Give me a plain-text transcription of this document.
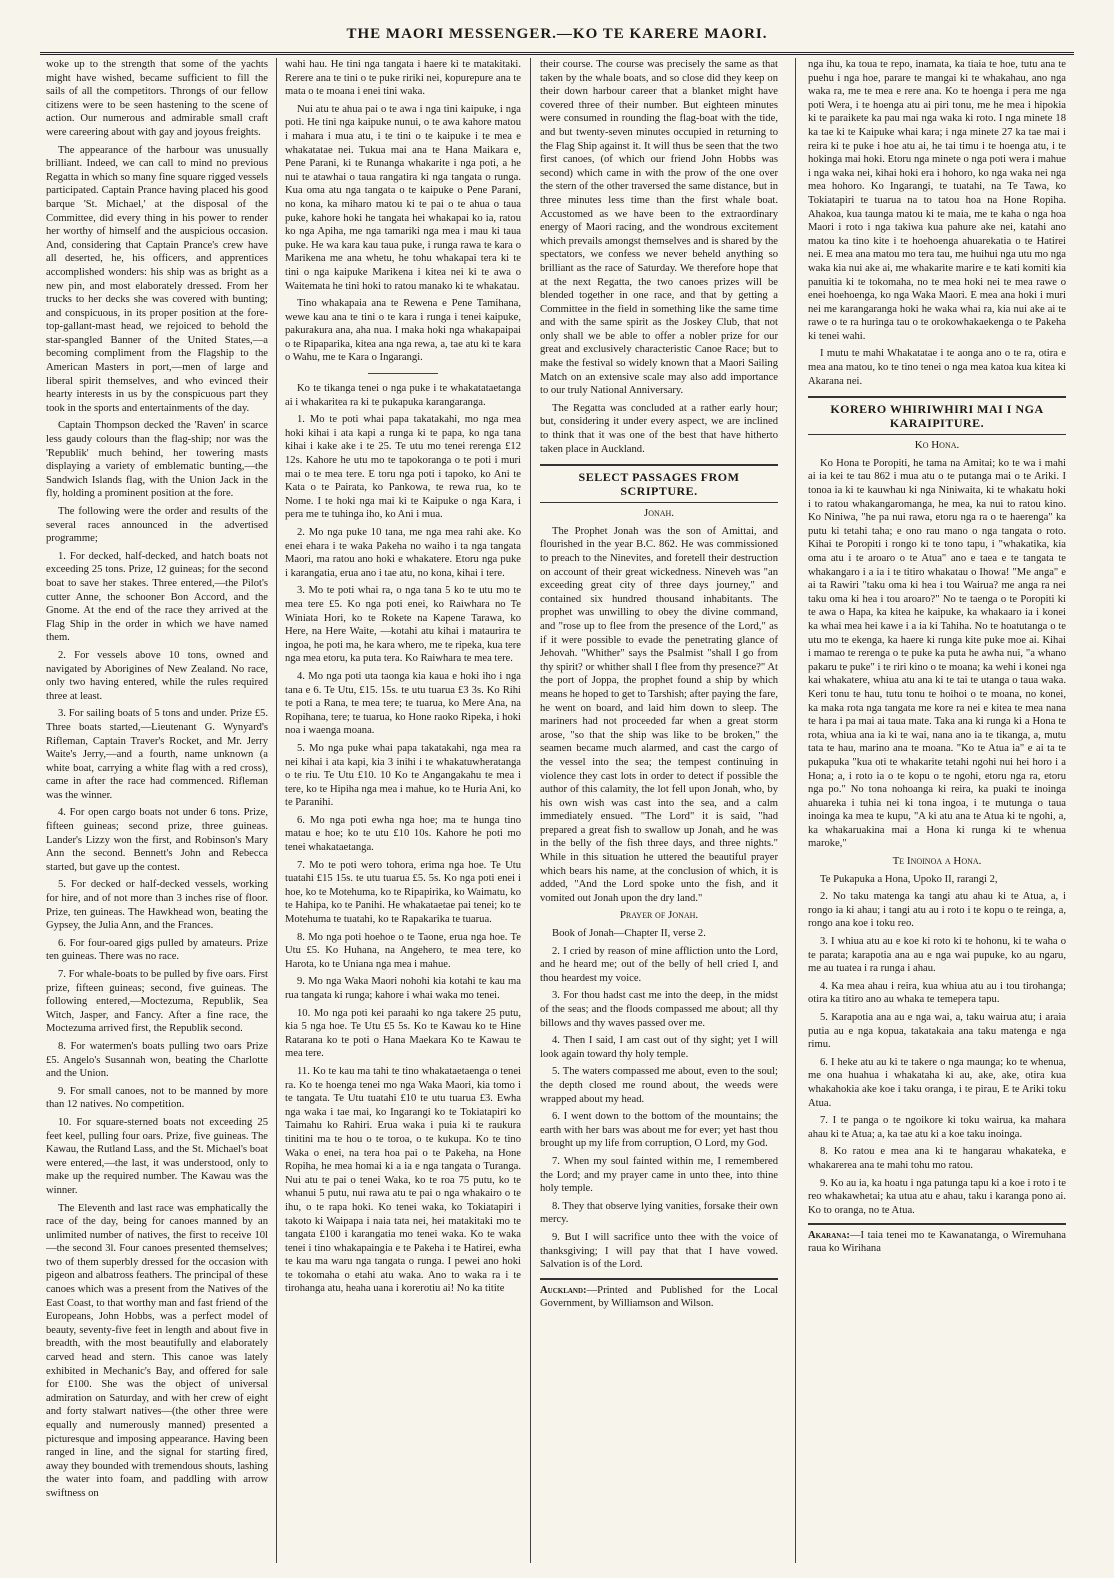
THE MAORI MESSENGER.—KO TE KARERE MAORI.

woke up to the strength that some of the yachts might have wished, became sufficient to fill the sails of all the competitors. Throngs of our fellow citizens were to be seen hastening to the scene of action. Our numerous and admirable small craft were careering about with gay and joyous freights.

The appearance of the harbour was unusually brilliant. Indeed, we can call to mind no previous Regatta in which so many fine square rigged vessels participated. Captain Prance having placed his good barque 'St. Michael,' at the disposal of the Committee, did every thing in his power to render her worthy of himself and the auspicious occasion. And, considering that Captain Prance's crew have all deserted, he, his officers, and apprentices accomplished wonders: his ship was as bright as a new pin, and most elaborately dressed. From her trucks to her decks she was covered with bunting; and conspicuous, in its proper position at the fore-top-gallant-mast head, we rejoiced to behold the star-spangled Banner of the United States,—a becoming compliment from the Flagship to the American Masters in port,—men of large and liberal spirit themselves, and who evinced their hearty interests in us by the conspicuous part they took in the sports and entertainments of the day.

Captain Thompson decked the 'Raven' in scarce less gaudy colours than the flag-ship; nor was the 'Republik' much behind, her towering masts displaying a variety of emblematic bunting,—the Sandwich Islands flag, with the Union Jack in the fly, holding a prominent position at the fore.

The following were the order and results of the several races announced in the advertised programme;

1. For decked, half-decked, and hatch boats not exceeding 25 tons. Prize, 12 guineas; for the second boat to save her stakes. Three entered,—the Pilot's cutter Anne, the schooner Bon Accord, and the Gnome. At the end of the race they arrived at the Flag Ship in the order in which we have named them.

2. For vessels above 10 tons, owned and navigated by Aborigines of New Zealand. No race, only two having entered, while the rules required three at least.

3. For sailing boats of 5 tons and under. Prize £5. Three boats started,—Lieutenant G. Wynyard's Rifleman, Captain Traver's Rocket, and Mr. Jerry Waite's Jerry,—and a fourth, name unknown (a white boat, carrying a white flag with a red cross), came in after the race had commenced. Rifleman was the winner.

4. For open cargo boats not under 6 tons. Prize, fifteen guineas; second prize, three guineas. Lander's Lizzy won the first, and Robinson's Mary Ann the second. Bennett's John and Rebecca started, but gave up the contest.

5. For decked or half-decked vessels, working for hire, and of not more than 3 inches rise of floor. Prize, ten guineas. The Hawkhead won, beating the Gypsey, the Julia Ann, and the Frances.

6. For four-oared gigs pulled by amateurs. Prize ten guineas. There was no race.

7. For whale-boats to be pulled by five oars. First prize, fifteen guineas; second, five guineas. The following entered,—Moctezuma, Republik, Sea Witch, Jasper, and Fancy. After a fine race, the Moctezuma arrived first, the Republik second.

8. For watermen's boats pulling two oars Prize £5. Angelo's Susannah won, beating the Charlotte and the Union.

9. For small canoes, not to be manned by more than 12 natives. No competition.

10. For square-sterned boats not exceeding 25 feet keel, pulling four oars. Prize, five guineas. The Kawau, the Rutland Lass, and the St. Michael's boat were entered,—the last, it was understood, only to make up the required number. The Kawau was the winner.

The Eleventh and last race was emphatically the race of the day, being for canoes manned by an unlimited number of natives, the first to receive 10l—the second 3l. Four canoes presented themselves; two of them superbly dressed for the occasion with pigeon and albatross feathers. The principal of these canoes which was a present from the Natives of the East Coast, to that worthy man and fast friend of the Europeans, John Hobbs, was a perfect model of beauty, seventy-five feet in length and about five in breadth, with the most beautifully and elaborately carved head and stern. This canoe was lately exhibited in Mechanic's Bay, and offered for sale for £100. She was the object of universal admiration on Saturday, and with her crew of eight and forty stalwart natives—(the other three were equally and numerously manned) presented a picturesque and imposing appearance. Having been ranged in line, and the signal for starting fired, away they bounded with tremendous shouts, lashing the water into foam, and paddling with arrow swiftness on

wahi hau. He tini nga tangata i haere ki te matakitaki. Rerere ana te tini o te puke ririki nei, kopurepure ana te mata o te moana i enei tini waka.

Nui atu te ahua pai o te awa i nga tini kaipuke, i nga poti. He tini nga kaipuke nunui, o te awa kahore matou i mahara i mua atu, i te tini o te kaipuke i te mea e whakatatae nei. Tukua mai ana te Hana Maikara e, Pene Parani, ki te Runanga whakarite i nga poti, a he nui te atawhai o taua rangatira ki nga tangata o runga. Kua oma atu nga tangata o te kaipuke o Pene Parani, no kona, ka miharo matou ki te pai o te ahua o taua puke, kahore hoki he tangata hei whakapai ko ia, ratou ko nga Apiha, me nga tamariki nga mea i mau ki taua puke. He wa kara kau taua puke, i runga rawa te kara o Marikena me ana whetu, he tohu whakapai tera ki te tini o nga kaipuke Marikena i kitea nei ki te awa o Waitemata he tini hoki to ratou manako ki te whakatau.

Tino whakapaia ana te Rewena e Pene Tamihana, wewe kau ana te tini o te kara i runga i tenei kaipuke, pakurakura ana, aha nua. I maka hoki nga whakapaipai o te Ripaparika, kitea ana nga rewa, a, tae atu ki te kara o Wahu, me te Kara o Ingarangi.

Ko te tikanga tenei o nga puke i te whakatataetanga ai i whakaritea ra ki te pukapuka karangaranga.

1. Mo te poti whai papa takatakahi, mo nga mea hoki kihai i ata kapi a runga ki te papa, ko nga tana kihai i kake ake i te 25. Te utu mo tenei rerenga £12 12s. Kahore he utu mo te tapokoranga o te poti i muri mai o te mea tere. E toru nga poti i tapoko, ko Ani te Kata o te Pairata, ko Pankowa, te rewa rua, ko te Nome. I te hoki nga mai ki te Kaipuke o nga Kara, i pera me te tuhinga iho, ko Ani i mua.

2. Mo nga puke 10 tana, me nga mea rahi ake. Ko enei ehara i te waka Pakeha no waiho i ta nga tangata Maori, ma ratou ano hoki e whakatere. Etoru nga puke i karangatia, erua ano i tae atu, no kona, kihai i tere.

3. Mo te poti whai ra, o nga tana 5 ko te utu mo te mea tere £5. Ko nga poti enei, ko Raiwhara no Te Winiata Hori, ko te Rokete na Kapene Tarawa, ko Here, na Here Waite, —kotahi atu kihai i mataurira te ingoa, he poti ma, he kara whero, me te ripeka, kua tere nga mea etoru, ka puta tera. Ko Raiwhara te mea tere.

4. Mo nga poti uta taonga kia kaua e hoki iho i nga tana e 6. Te Utu, £15. 15s. te utu tuarua £3 3s. Ko Rihi te poti a Rana, te mea tere; te tuarua, ko Mere Ana, na Ropihana, tere; te tuarua, ko Hone raoko Ripeka, i hoki noa i waenga moana.

5. Mo nga puke whai papa takatakahi, nga mea ra nei kihai i ata kapi, kia 3 inihi i te whakatuwheratanga o te riu. Te Utu £10. 10 Ko te Angangakahu te mea i tere, ko te Hipiha nga mea i mahue, ko te Huria Ani, ko te Paranihi.

6. Mo nga poti ewha nga hoe; ma te hunga tino matau e hoe; ko te utu £10 10s. Kahore he poti mo tenei whakataetanga.

7. Mo te poti wero tohora, erima nga hoe. Te Utu tuatahi £15 15s. te utu tuarua £5. 5s. Ko nga poti enei i hoe, ko te Motehuma, ko te Ripapirika, ko Waimatu, ko te Hahipa, ko te Panihi. He whakataetae pai tenei; ko te Motehuma te tuatahi, ko te Rapakarika te tuarua.

8. Mo nga poti hoehoe o te Taone, erua nga hoe. Te Utu £5. Ko Huhana, na Angehero, te mea tere, ko Harota, ko te Uniana nga mea i mahue.

9. Mo nga Waka Maori nohohi kia kotahi te kau ma rua tangata ki runga; kahore i whai waka mo tenei.

10. Mo nga poti kei paraahi ko nga takere 25 putu, kia 5 nga hoe. Te Utu £5 5s. Ko te Kawau ko te Hine Ratarana ko te poti o Hana Maekara Ko te Kawau te mea tere.

11. Ko te kau ma tahi te tino whakataetaenga o tenei ra. Ko te hoenga tenei mo nga Waka Maori, kia tomo i te tangata. Te Utu tuatahi £10 te utu tuarua £3. Ewha nga waka i tae mai, ko Ingarangi ko te Tokiatapiri ko Taimahu ko Rahiri. Erua waka i puia ki te raukura tinitini ma te hou o te toroa, o te kukupa. Ko te tino Waka o enei, na tera hoa pai o te Pakeha, na Hone Ropiha, he mea homai ki a ia e nga tangata o Turanga. Nui atu te pai o tenei Waka, ko te roa 75 putu, ko te whanui 5 putu, nui rawa atu te pai o nga whakairo o te ihu, o te rapa hoki. Ko tenei waka, ko Tokiatapiri i takoto ki Waipapa i naia tata nei, hei matakitaki mo te tangata £100 i karangatia mo tenei waka. Ko te waka tenei i tino whakapaingia e te Pakeha i te Hatirei, ewha te kau ma waru nga tangata o runga. I pewei ano hoki te tokomaha o etahi atu waka. Ano to waka ra i te tirohanga atu, heaha uana i korerotiu ai! No ka titite

their course. The course was precisely the same as that taken by the whale boats, and so close did they keep on their down harbour career that a blanket might have covered three of their number. But eighteen minutes were consumed in rounding the flag-boat with the tide, and but twenty-seven minutes occupied in returning to the Flag Ship against it. It will thus be seen that the two first canoes, (of which our friend John Hobbs was second) which came in with the prow of the one over the stern of the other traversed the same distance, but in three minutes less time than the first whale boat. Accustomed as we have been to the extraordinary energy of Maori racing, and the wondrous excitement which prevails amongst themselves and is shared by the spectators, we confess we never beheld anything so brilliant as the race of Saturday. We therefore hope that at the next Regatta, the two canoes prizes will be blended together in one race, and that by getting a Committee in the field in something like the same time and with the same spirit as the Joskey Club, that not only shall we be able to offer a nobler prize for our great and exclusively characteristic Canoe Race; but to make the festival so widely known that a Maori Sailing Match on an extensive scale may also add importance to our truly National Anniversary.

The Regatta was concluded at a rather early hour; but, considering it under every aspect, we are inclined to think that it was one of the best that have hitherto taken place in Auckland.

SELECT PASSAGES FROM SCRIPTURE.
Jonah.

The Prophet Jonah was the son of Amittai, and flourished in the year B.C. 862. He was commissioned to preach to the Ninevites, and foretell their destruction on account of their great wickedness. Nineveh was "an exceeding great city of three days journey," and contained six hundred thousand inhabitants. The prophet was unwilling to obey the divine command, and "rose up to flee from the presence of the Lord," as if it were possible to evade the penetrating glance of Jehovah. "Whither" says the Psalmist "shall I go from thy spirit? or whither shall I flee from thy presence?" At the port of Joppa, the prophet found a ship by which means he hoped to get to Tarshish; after paying the fare, he went on board, and laid him down to sleep. The mariners had not proceeded far when a great storm arose, "so that the ship was like to be broken," the seamen became much alarmed, and cast the cargo of the vessel into the sea; the tempest continuing in violence they cast lots in order to detect if possible the author of this calamity, the lot fell upon Jonah, who, by his own wish was cast into the sea, and a calm immediately ensued. "The Lord" it is said, "had prepared a great fish to swallow up Jonah, and he was in the belly of the fish three days, and three nights." While in this situation he uttered the beautiful prayer which bears his name, at the conclusion of which, it is added, "And the Lord spoke unto the fish, and it vomited out Jonah upon the dry land."

Prayer of Jonah.

Book of Jonah—Chapter II, verse 2.

2. I cried by reason of mine affliction unto the Lord, and he heard me; out of the belly of hell cried I, and thou heardest my voice.

3. For thou hadst cast me into the deep, in the midst of the seas; and the floods compassed me about; all thy billows and thy waves passed over me.

4. Then I said, I am cast out of thy sight; yet I will look again toward thy holy temple.

5. The waters compassed me about, even to the soul; the depth closed me round about, the weeds were wrapped about my head.

6. I went down to the bottom of the mountains; the earth with her bars was about me for ever; yet hast thou brought up my life from corruption, O Lord, my God.

7. When my soul fainted within me, I remembered the Lord; and my prayer came in unto thee, into thine holy temple.

8. They that observe lying vanities, forsake their own mercy.

9. But I will sacrifice unto thee with the voice of thanksgiving; I will pay that that I have vowed. Salvation is of the Lord.

Auckland:—Printed and Published for the Local Government, by Williamson and Wilson.

nga ihu, ka toua te repo, inamata, ka tiaia te hoe, tutu ana te puehu i nga hoe, parare te mangai ki te whakahau, ano nga waka ra, me te mea e rere ana. Ko te hoenga i pera me nga poti Wera, i te hoenga atu ai piri tonu, me he mea i hipokia ki te paraikete ka pau mai nga waka ki roto. I nga minete 18 ka tae ki te Kaipuke whai kara; i nga minete 27 ka tae mai i reira ki te puke i hoe atu ai, he tai timu i te hoenga atu, i te hokinga mai hoki. Etoru nga minete o nga poti wera i mahue i nga waka nei, kihai hoki era i hohoro, ko nga waka nei nga mea hohoro. Ko Ingarangi, te tuatahi, na Te Tawa, ko Tokiatapiri te tuarua na to tatou hoa na Hone Ropiha. Ahakoa, kua taunga matou ki te maia, me te kaha o nga hoa Maori i roto i nga takiwa kua pahure ake nei, katahi ano matou ka tino kite i te hoehoenga ahuarekatia o te Hatirei nei. E mea ana matou mo tera tau, me huihui nga utu mo nga waka kia nui ake ai, me whakarite marire e te kati komiti kia panuitia ki te tokomaha, no te mea hoki nei te mea rawe o enei hoehoenga, ko nga Waka Maori. E mea ana hoki i muri nei me karangaranga hoki he waka whai ra, kia nui ake ai te rawe o te ra huringa tau o te orokowhakaekenga o te Pakeha ki tenei wahi.

I mutu te mahi Whakatatae i te aonga ano o te ra, otira e mea ana matou, ko te tino tenei o nga mea katoa kua kitea ki Akarana nei.

KORERO WHIRIWHIRI MAI I NGA KARAIPITURE.
Ko Hona.

Ko Hona te Poropiti, he tama na Amitai; ko te wa i mahi ai ia kei te tau 862 i mua atu o te putanga mai o te Ariki. I tonoa ia ki te kauwhau ki nga Niniwaita, ki te whakatu hoki i to ratou whakangaromanga, he mea, ka nui to ratou kino. Ko Niniwa, "he pa nui rawa, etoru nga ra o te haerenga" ka putu ki tetahi taha; e ono rau mano o nga tangata o roto. Kihai te Poropiti i rongo ki te tono tapu, i "whakatika, kia oma atu i te aroaro o te Atua" ano e taea e te tangata te whakangaro i a ia i te titiro whakatau o Ihowa! "Me anga" e ai ta Rawiri "taku oma ki hea i tou Wairua? me anga ra nei taku oma ki hea i tou aroaro?" No te taenga o te Poropiti ki te awa o Hapa, ka kitea he kaipuke, ka whakaaro ia i konei ka whai mea hei kawe i a ia ki Tahiha. No te hoatutanga o te utu mo te ekenga, ka haere ki runga kite puke moe ai. Kihai i mamao te rerenga o te puke ka puta he awha nui, "a whano pakaru te puke" i te riri kino o te moana; ka wehi i konei nga kai whakatere, whiua atu ana ki te tai te utanga o taua waka. Keri tonu te hau, tutu tonu te hoihoi o te moana, no konei, ka maka rota nga tangata me kore ra nei e kitea te mea nana te hara i pa mai ai taua mate. Taka ana ki runga ki a Hona te rota, whiua ana ia ki te wai, nana ano ia te tikanga, a, mutu tata te hau, marino ana te moana. "Ko te Atua ia" e ai ta te pukapuka "kua oti te whakarite tetahi ngohi nui hei horo i a Hona; a, i roto ia o te kopu o te ngohi, etoru nga ra, etoru nga po." No tona nohoanga ki reira, ka puaki te inoinga ahuareka i tuhia nei ki tona ingoa, i te mutunga o taua inoinga ka mea te kupu, "A ki atu ana te Atua ki te ngohi, a, ka whakaruakina mai a Hona ki runga ki te whenua maroke,"

Te Inoinoa a Hona.

Te Pukapuka a Hona, Upoko II, rarangi 2,

2. No taku matenga ka tangi atu ahau ki te Atua, a, i rongo ia ki ahau; i tangi atu au i roto i te kopu o te reinga, a, rongo ana koe i toku reo.

3. I whiua atu au e koe ki roto ki te hohonu, ki te waha o te parata; karapotia ana au e nga wai pupuke, ko au ngaru, me au tuatea i ra runga i ahau.

4. Ka mea ahau i reira, kua whiua atu au i tou tirohanga; otira ka titiro ano au whaka te temepera tapu.

5. Karapotia ana au e nga wai, a, taku wairua atu; i araia putia au e nga kopua, takatakaia ana taku matenga e nga rimu.

6. I heke atu au ki te takere o nga maunga; ko te whenua, me ona huahua i whakataha ki au, ake, ake, otira kua whakahokia ake koe i taku oranga, i te pirau, E te Ariki toku Atua.

7. I te panga o te ngoikore ki toku wairua, ka mahara ahau ki te Atua; a, ka tae atu ki a koe taku inoinga.

8. Ko ratou e mea ana ki te hangarau whakateka, e whakarerea ana te mahi tohu mo ratou.

9. Ko au ia, ka hoatu i nga patunga tapu ki a koe i roto i te reo whakawhetai; ka utua atu e ahau, taku i karanga pono ai. Ko to oranga, no te Atua.

Akarana:—I taia tenei mo te Kawanatanga, o Wiremuhana raua ko Wirihana
